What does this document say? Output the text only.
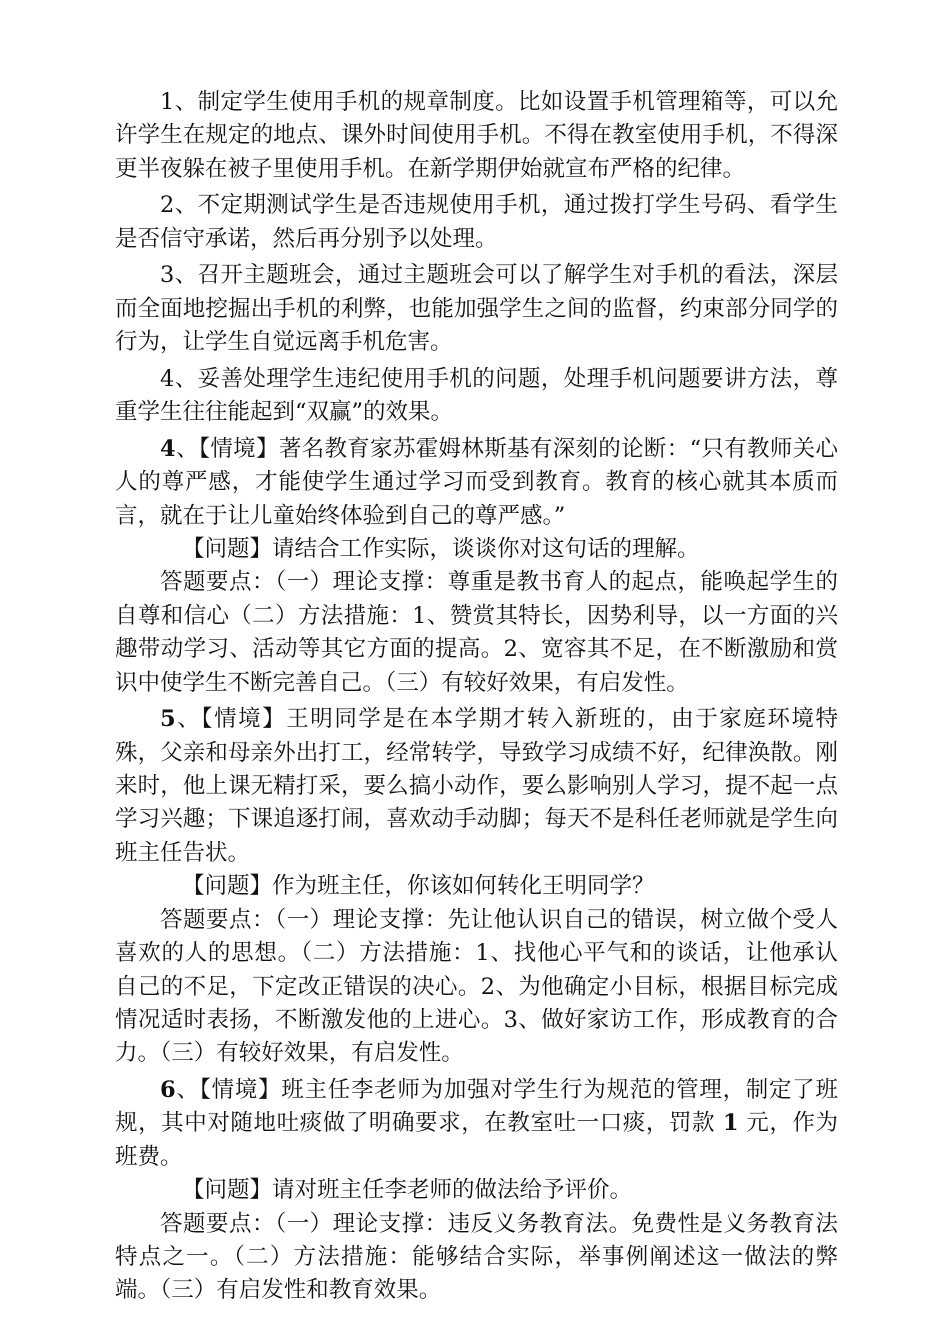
1、制定学生使用手机的规章制度。比如设置手机管理箱等，可以允许学生在规定的地点、课外时间使用手机。不得在教室使用手机，不得深更半夜躲在被子里使用手机。在新学期伊始就宣布严格的纪律。

2、不定期测试学生是否违规使用手机，通过拨打学生号码、看学生是否信守承诺，然后再分别予以处理。

3、召开主题班会，通过主题班会可以了解学生对手机的看法，深层而全面地挖掘出手机的利弊，也能加强学生之间的监督，约束部分同学的行为，让学生自觉远离手机危害。

4、妥善处理学生违纪使用手机的问题，处理手机问题要讲方法，尊重学生往往能起到“双赢”的效果。

4、【情境】著名教育家苏霍姆林斯基有深刻的论断：“只有教师关心人的尊严感，才能使学生通过学习而受到教育。教育的核心就其本质而言，就在于让儿童始终体验到自己的尊严感。”

【问题】请结合工作实际，谈谈你对这句话的理解。

答题要点：（一）理论支撑：尊重是教书育人的起点，能唤起学生的自尊和信心（二）方法措施：1、赞赏其特长，因势利导，以一方面的兴趣带动学习、活动等其它方面的提高。2、宽容其不足，在不断激励和赏识中使学生不断完善自己。（三）有较好效果，有启发性。

5、【情境】王明同学是在本学期才转入新班的，由于家庭环境特殊，父亲和母亲外出打工，经常转学，导致学习成绩不好，纪律涣散。刚来时，他上课无精打采，要么搞小动作，要么影响别人学习，提不起一点学习兴趣；下课追逐打闹，喜欢动手动脚；每天不是科任老师就是学生向班主任告状。

【问题】作为班主任，你该如何转化王明同学？

答题要点：（一）理论支撑：先让他认识自己的错误，树立做个受人喜欢的人的思想。（二）方法措施：1、找他心平气和的谈话，让他承认自己的不足，下定改正错误的决心。2、为他确定小目标，根据目标完成情况适时表扬，不断激发他的上进心。3、做好家访工作，形成教育的合力。（三）有较好效果，有启发性。

6、【情境】班主任李老师为加强对学生行为规范的管理，制定了班规，其中对随地吐痰做了明确要求，在教室吐一口痰，罚款 1 元，作为班费。

【问题】请对班主任李老师的做法给予评价。

答题要点：（一）理论支撑：违反义务教育法。免费性是义务教育法特点之一。（二）方法措施：能够结合实际，举事例阐述这一做法的弊端。（三）有启发性和教育效果。
